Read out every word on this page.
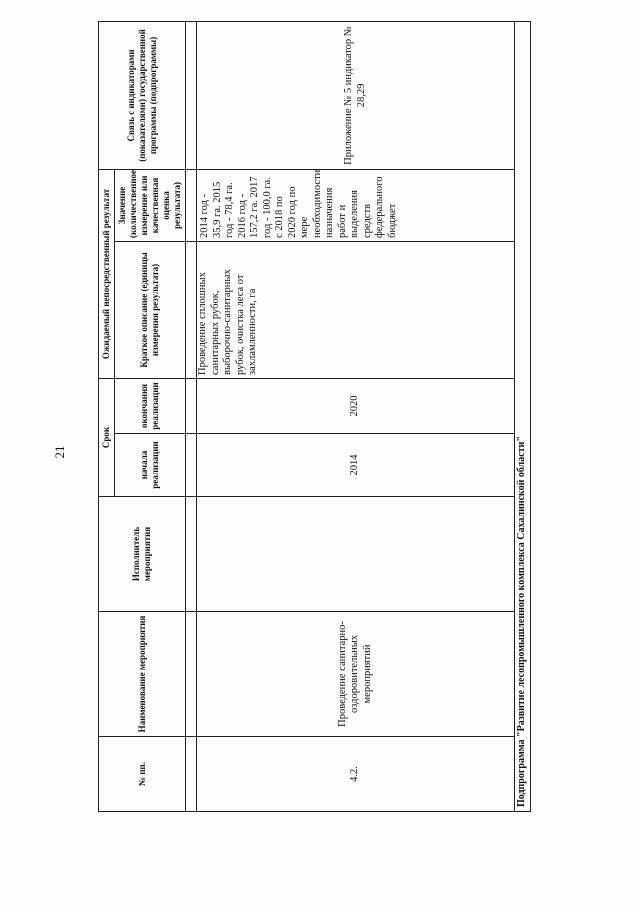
21
№ пп.	Наименование мероприятия	Исполнитель мероприятия	Срок		Ожидаемый непосредственный результат		Связь с индикаторами (показателями) государственной программы (подпрограммы)
			начала реализации	окончания реализации	Краткое описание (единицы измерения результата)	Значение (количественное измерение или качественная оценка результата)	

4.2.	Проведение санитарно-оздоровительных мероприятий		2014	2020	Проведение сплошных санитарных рубок, выборочно-санитарных рубок, очистка леса от захламленности, га	2014 год - 35,9 га. 2015 год - 78,4 га. 2016 год - 157,2 га. 2017 год - 100,0 га. с 2018 по 2020 год по мере необходимости назначения работ и выделения средств федерального бюджет	Приложение № 5 индикатор № 28,29
Подпрограмма "Развитие лесопромышленного комплекса Сахалинской области"							
